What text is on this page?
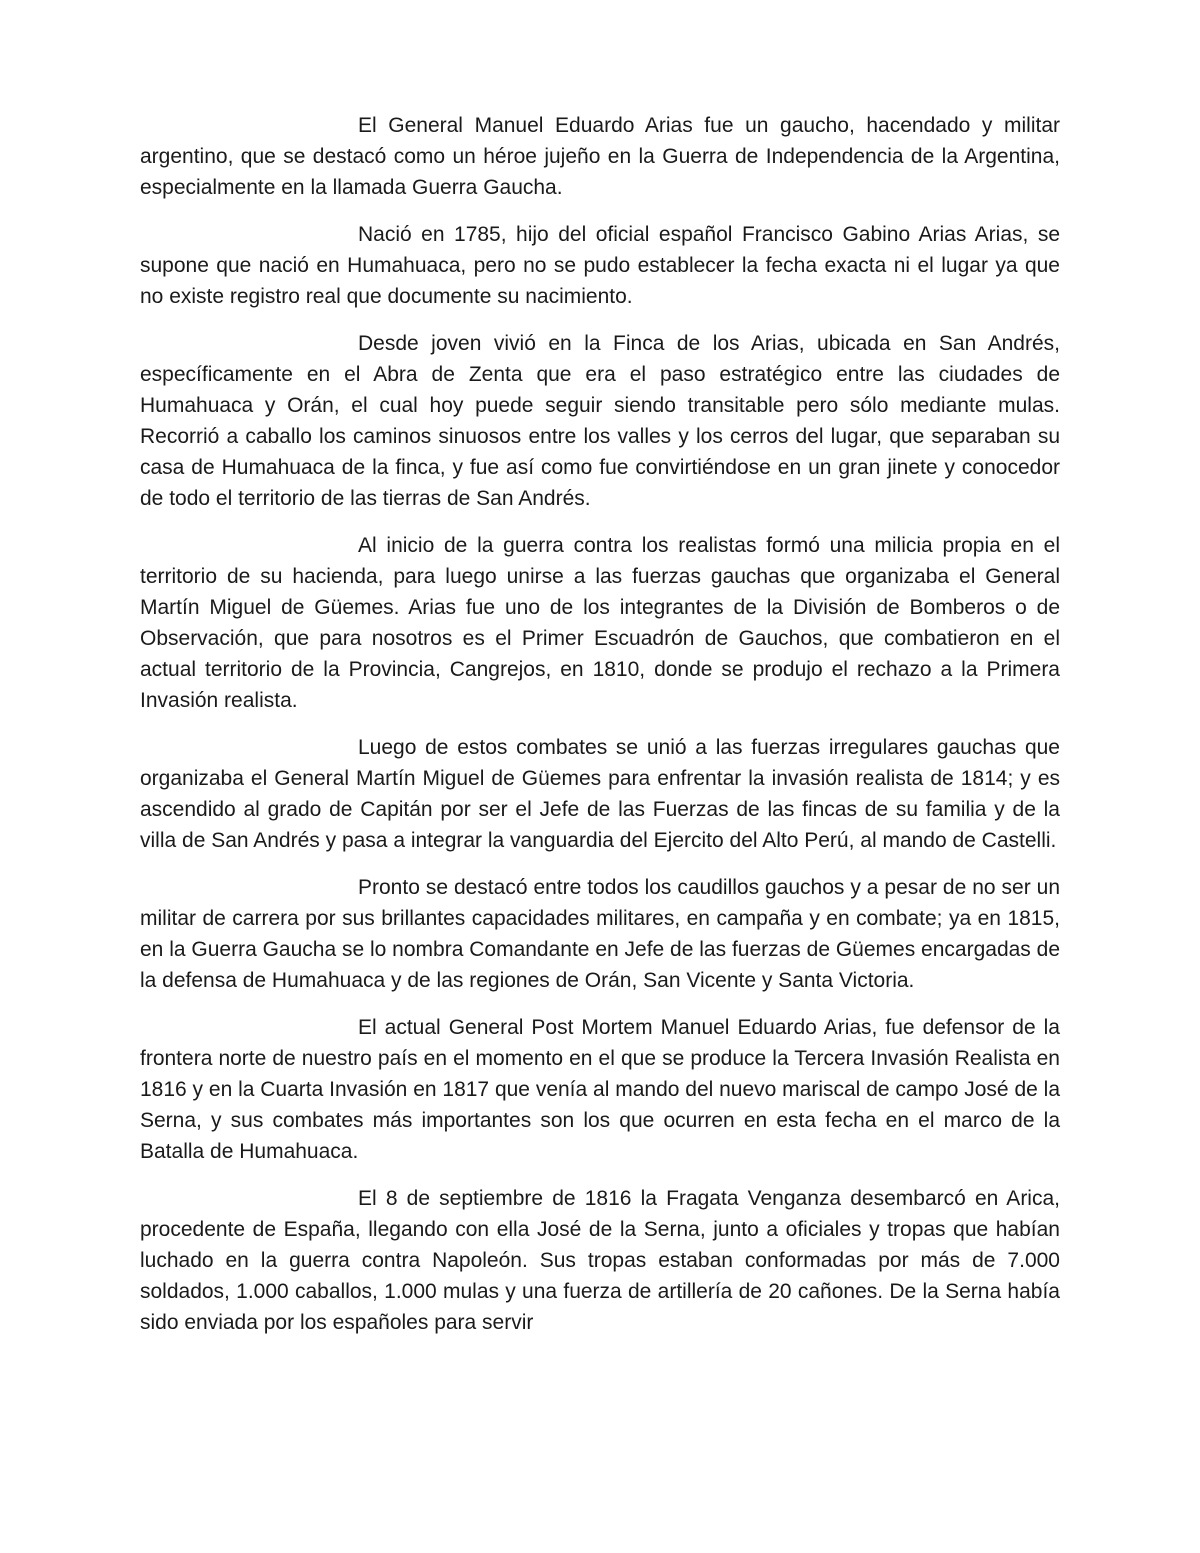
El General Manuel Eduardo Arias fue un gaucho, hacendado y militar argentino, que se destacó como un héroe jujeño en la Guerra de Independencia de la Argentina, especialmente en la llamada Guerra Gaucha.

Nació en 1785, hijo del oficial español Francisco Gabino Arias Arias, se supone que nació en Humahuaca, pero no se pudo establecer la fecha exacta ni el lugar ya que no existe registro real que documente su nacimiento.

Desde joven vivió en la Finca de los Arias, ubicada en San Andrés, específicamente en el Abra de Zenta que era el paso estratégico entre las ciudades de Humahuaca y Orán, el cual hoy puede seguir siendo transitable pero sólo mediante mulas. Recorrió a caballo los caminos sinuosos entre los valles y los cerros del lugar, que separaban su casa de Humahuaca de la finca, y fue así como fue convirtiéndose en un gran jinete y conocedor de todo el territorio de las tierras de San Andrés.

Al inicio de la guerra contra los realistas formó una milicia propia en el territorio de su hacienda, para luego unirse a las fuerzas gauchas que organizaba el General Martín Miguel de Güemes. Arias fue uno de los integrantes de la División de Bomberos o de Observación, que para nosotros es el Primer Escuadrón de Gauchos, que combatieron en el actual territorio de la Provincia, Cangrejos, en 1810, donde se produjo el rechazo a la Primera Invasión realista.

Luego de estos combates se unió a las fuerzas irregulares gauchas que organizaba el General Martín Miguel de Güemes para enfrentar la invasión realista de 1814; y es ascendido al grado de Capitán por ser el Jefe de las Fuerzas de las fincas de su familia y de la villa de San Andrés y pasa a integrar la vanguardia del Ejercito del Alto Perú, al mando de Castelli.

Pronto se destacó entre todos los caudillos gauchos y a pesar de no ser un militar de carrera por sus brillantes capacidades militares, en campaña y en combate; ya en 1815, en la Guerra Gaucha se lo nombra Comandante en Jefe de las fuerzas de Güemes encargadas de la defensa de Humahuaca y de las regiones de Orán, San Vicente y Santa Victoria.

El actual General Post Mortem Manuel Eduardo Arias, fue defensor de la frontera norte de nuestro país en el momento en el que se produce la Tercera Invasión Realista en 1816 y en la Cuarta Invasión en 1817 que venía al mando del nuevo mariscal de campo José de la Serna, y sus combates más importantes son los que ocurren en esta fecha en el marco de la Batalla de Humahuaca.

El 8 de septiembre de 1816 la Fragata Venganza desembarcó en Arica, procedente de España, llegando con ella José de la Serna, junto a oficiales y tropas que habían luchado en la guerra contra Napoleón. Sus tropas estaban conformadas por más de 7.000 soldados, 1.000 caballos, 1.000 mulas y una fuerza de artillería de 20 cañones. De la Serna había sido enviada por los españoles para servir
